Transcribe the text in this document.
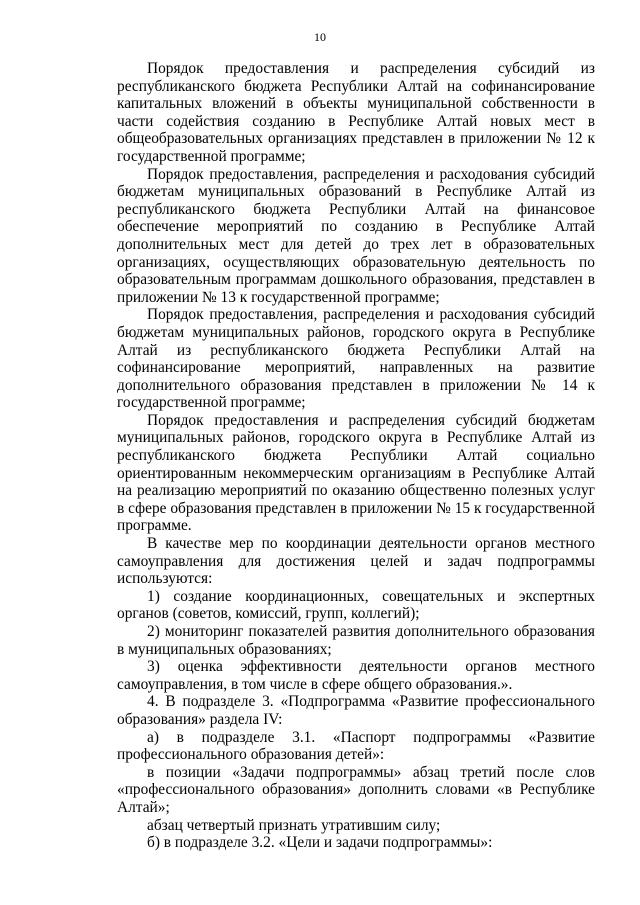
10

Порядок предоставления и распределения субсидий из республиканского бюджета Республики Алтай на софинансирование капитальных вложений в объекты муниципальной собственности в части содействия созданию в Республике Алтай новых мест в общеобразовательных организациях представлен в приложении № 12 к государственной программе;

Порядок предоставления, распределения и расходования субсидий бюджетам муниципальных образований в Республике Алтай из республиканского бюджета Республики Алтай на финансовое обеспечение мероприятий по созданию в Республике Алтай дополнительных мест для детей до трех лет в образовательных организациях, осуществляющих образовательную деятельность по образовательным программам дошкольного образования, представлен в приложении № 13 к государственной программе;

Порядок предоставления, распределения и расходования субсидий бюджетам муниципальных районов, городского округа в Республике Алтай из республиканского бюджета Республики Алтай на софинансирование мероприятий, направленных на развитие дополнительного образования представлен в приложении № 14 к государственной программе;

Порядок предоставления и распределения субсидий бюджетам муниципальных районов, городского округа в Республике Алтай из республиканского бюджета Республики Алтай социально ориентированным некоммерческим организациям в Республике Алтай на реализацию мероприятий по оказанию общественно полезных услуг в сфере образования представлен в приложении № 15 к государственной программе.

В качестве мер по координации деятельности органов местного самоуправления для достижения целей и задач подпрограммы используются:

1) создание координационных, совещательных и экспертных органов (советов, комиссий, групп, коллегий);

2) мониторинг показателей развития дополнительного образования в муниципальных образованиях;

3) оценка эффективности деятельности органов местного самоуправления, в том числе в сфере общего образования.».

4. В подразделе 3. «Подпрограмма «Развитие профессионального образования» раздела IV:

а) в подразделе 3.1. «Паспорт подпрограммы «Развитие профессионального образования детей»:

в позиции «Задачи подпрограммы» абзац третий после слов «профессионального образования» дополнить словами «в Республике Алтай»;

абзац четвертый признать утратившим силу;

б) в подразделе 3.2. «Цели и задачи подпрограммы»:
